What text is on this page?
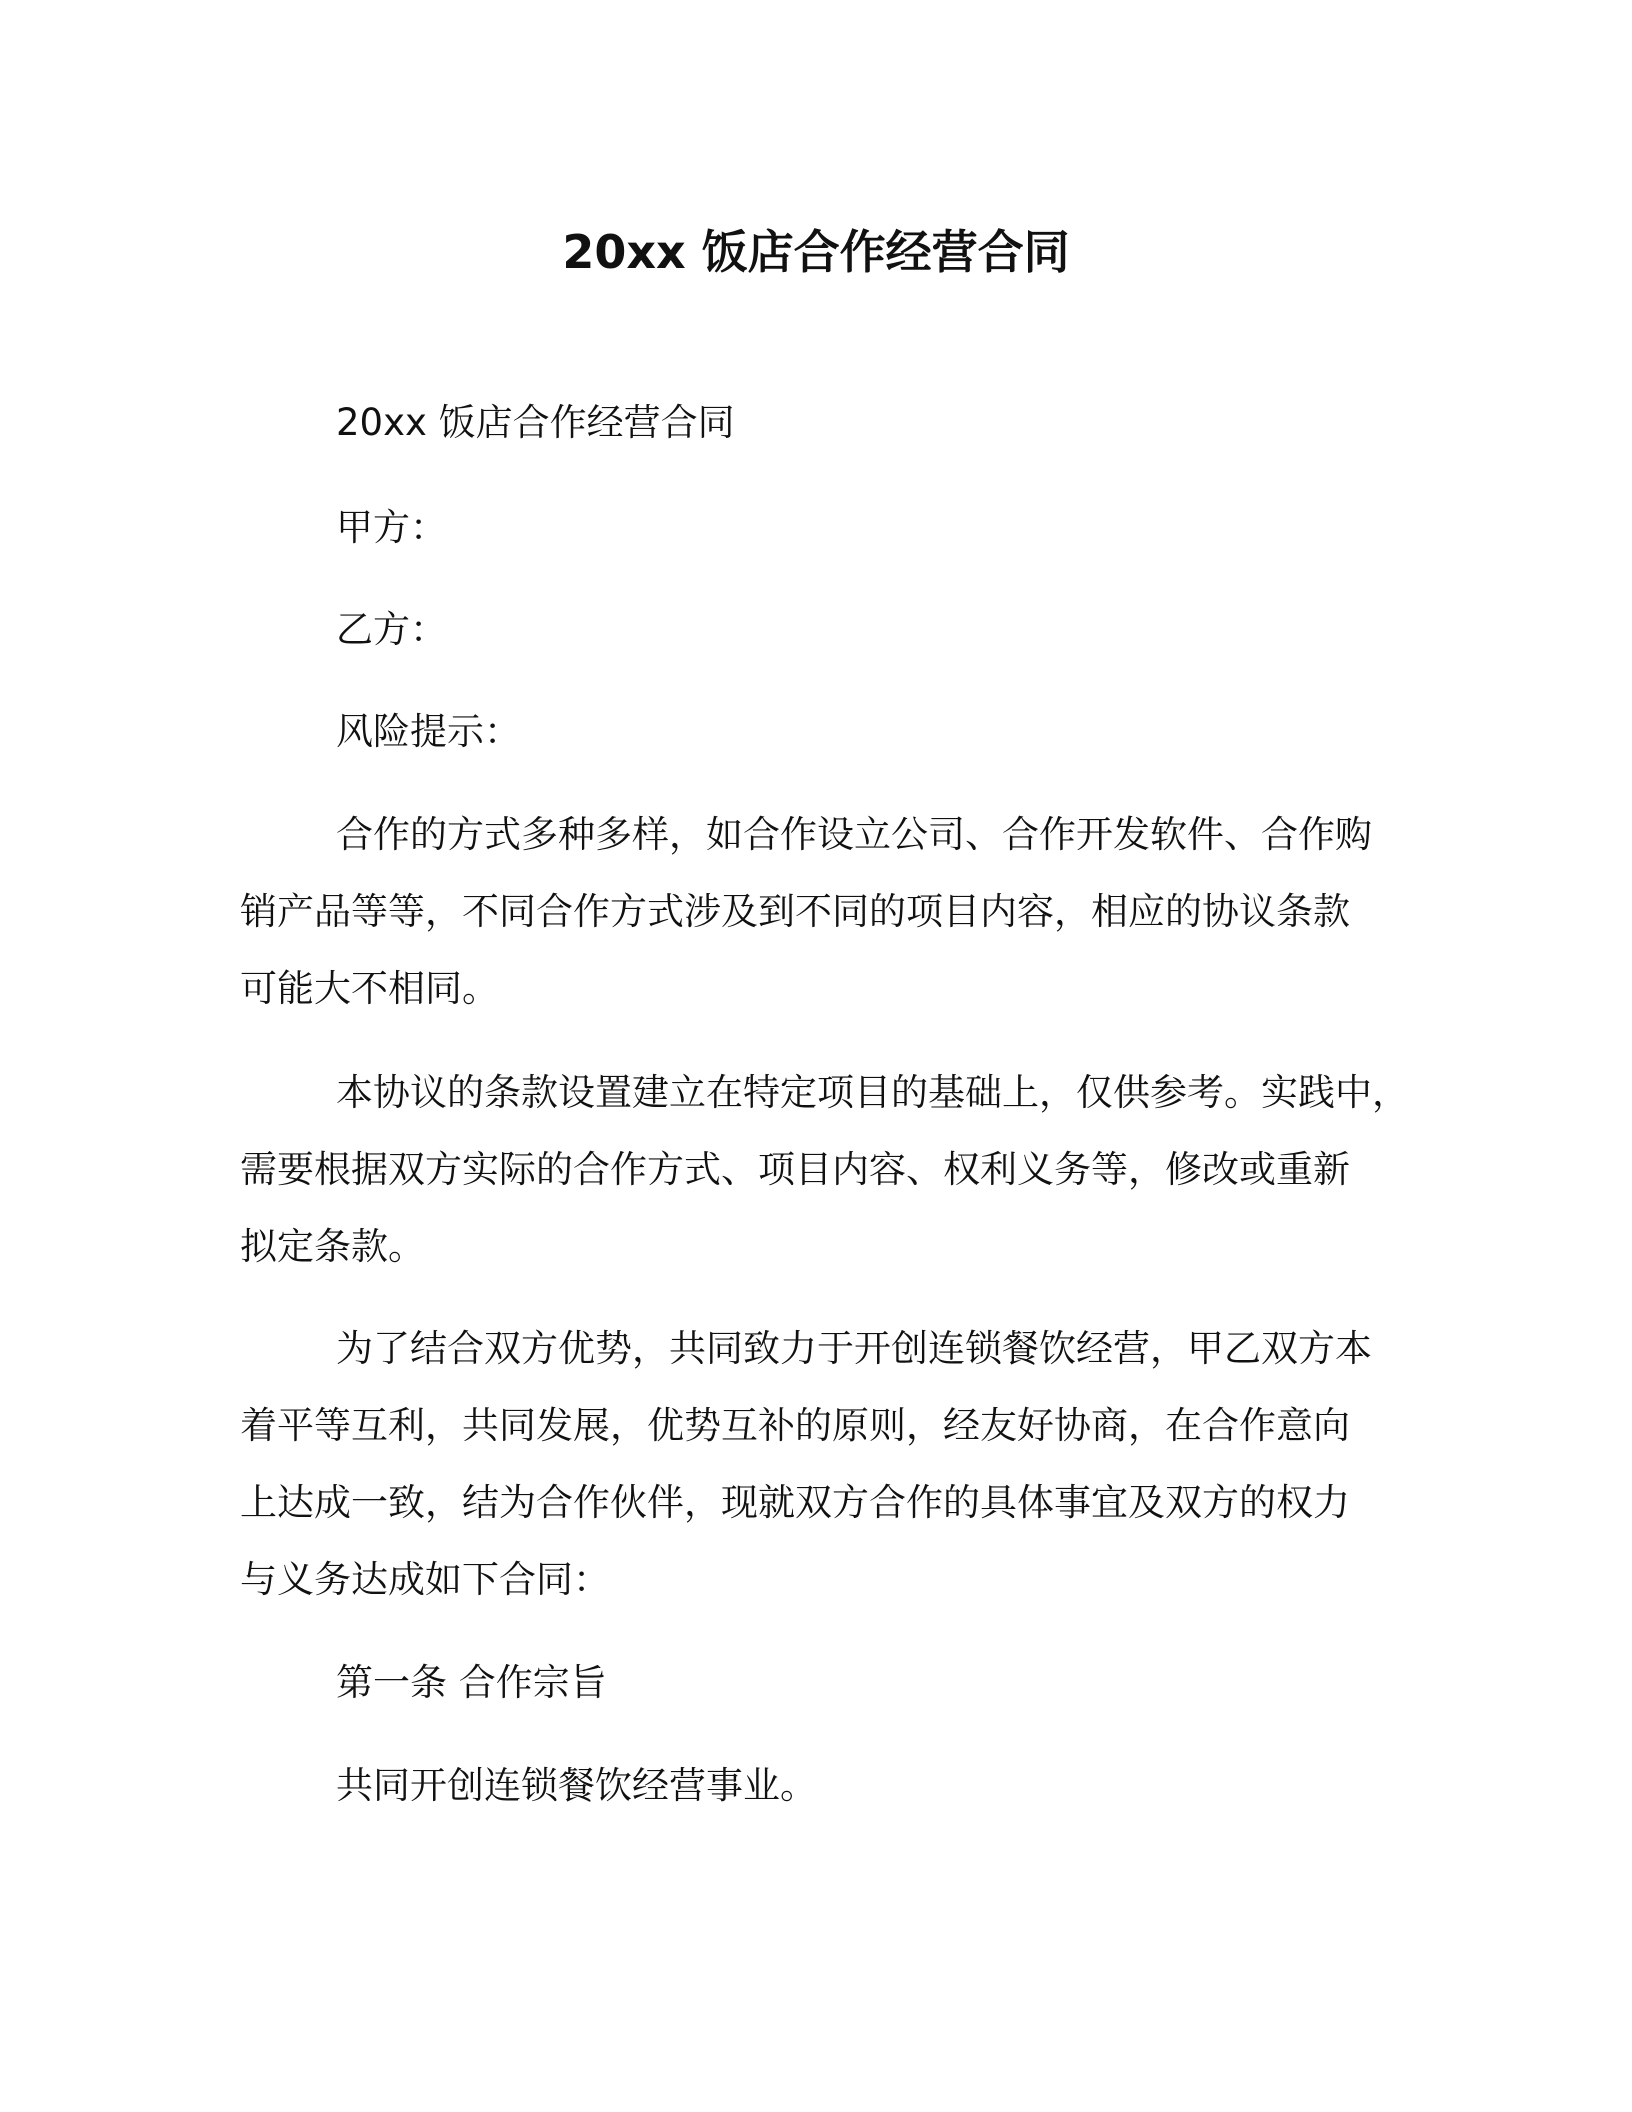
20xx 饭店合作经营合同
20xx 饭店合作经营合同
甲方：
乙方：
风险提示：
合作的方式多种多样，如合作设立公司、合作开发软件、合作购
销产品等等，不同合作方式涉及到不同的项目内容，相应的协议条款
可能大不相同。
本协议的条款设置建立在特定项目的基础上，仅供参考。实践中，
需要根据双方实际的合作方式、项目内容、权利义务等，修改或重新
拟定条款。
为了结合双方优势，共同致力于开创连锁餐饮经营，甲乙双方本
着平等互利，共同发展，优势互补的原则，经友好协商，在合作意向
上达成一致，结为合作伙伴，现就双方合作的具体事宜及双方的权力
与义务达成如下合同：
第一条 合作宗旨
共同开创连锁餐饮经营事业。
